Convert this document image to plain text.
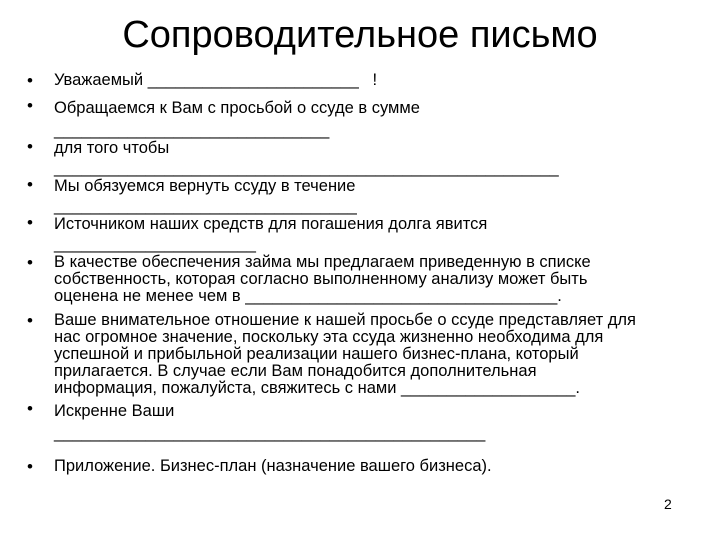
Сопроводительное письмо
• Уважаемый _______________________   !
• Обращаемся к Вам с просьбой о ссуде в сумме
______________________________
• для того чтобы
_______________________________________________________
• Мы обязуемся вернуть ссуду в течение
_________________________________
• Источником наших средств для погашения долга явится
______________________
• В качестве обеспечения займа мы предлагаем приведенную в списке
собственность, которая согласно выполненному анализу может быть
оценена не менее чем в __________________________________.
• Ваше внимательное отношение к нашей просьбе о ссуде представляет для
нас огромное значение, поскольку эта ссуда жизненно необходима для
успешной и прибыльной реализации нашего бизнес-плана, который
прилагается. В случае если Вам понадобится дополнительная
информация, пожалуйста, свяжитесь с нами ___________________.
• Искренне Ваши
_______________________________________________
• Приложение. Бизнес-план (назначение вашего бизнеса).
2
